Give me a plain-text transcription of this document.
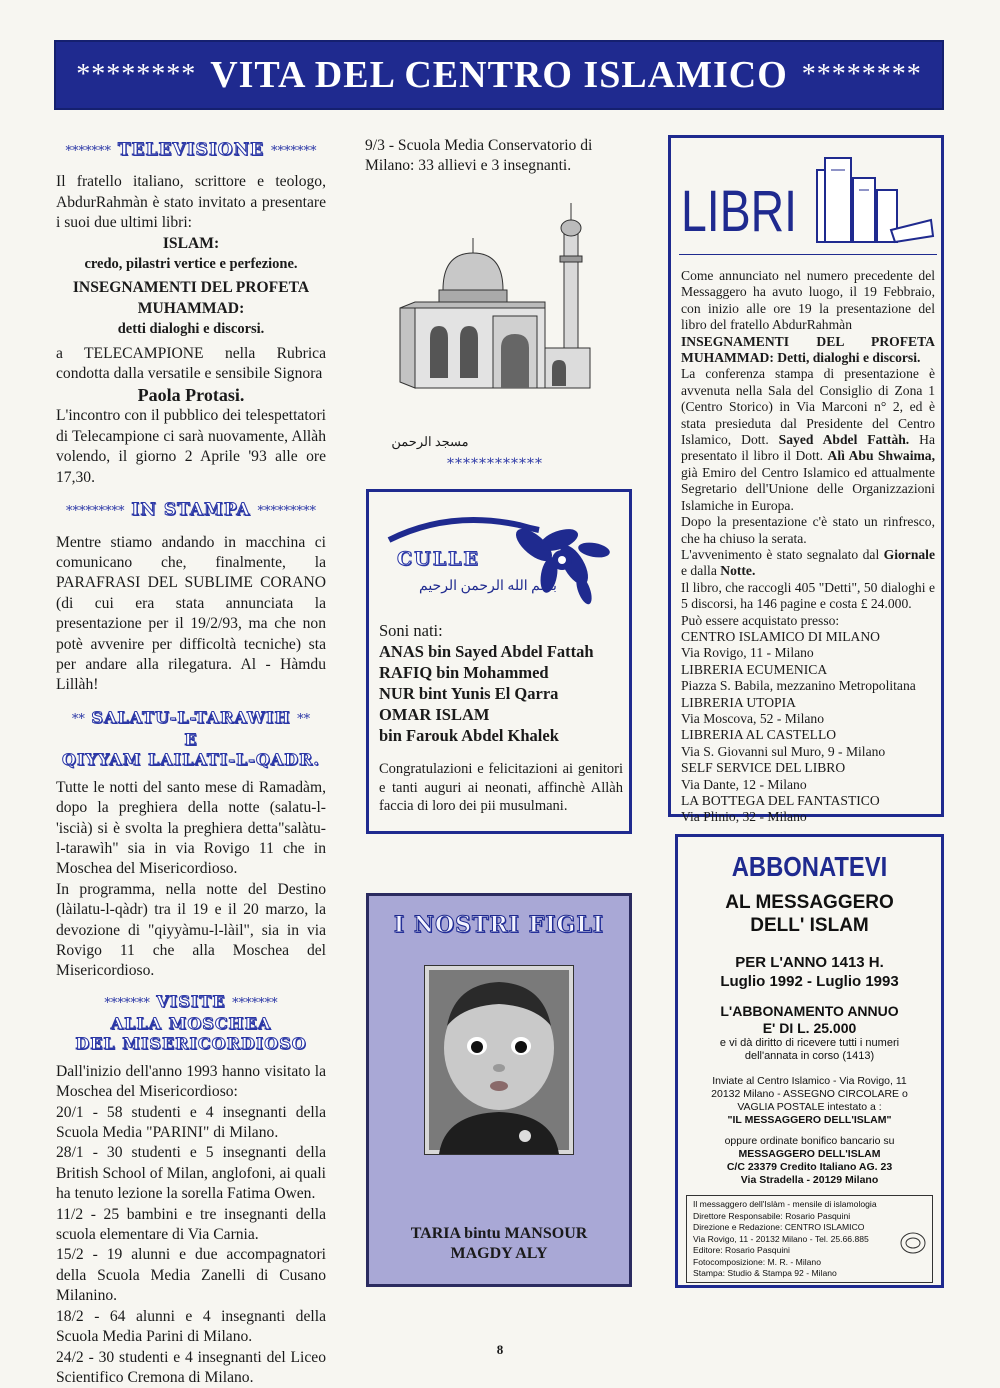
******** VITA DEL CENTRO ISLAMICO ********
******* TELEVISIONE *******

Il fratello italiano, scrittore e teologo, AbdurRahmàn è stato invitato a presentare i suoi due ultimi libri:

ISLAM:

credo, pilastri vertice e perfezione.

INSEGNAMENTI DEL PROFETA MUHAMMAD:

detti dialoghi e discorsi.

a TELECAMPIONE nella Rubrica condotta dalla versatile e sensibile Signora

Paola Protasi.

L'incontro con il pubblico dei telespettatori di Telecampione ci sarà nuovamente, Allàh volendo, il giorno 2 Aprile '93 alle ore 17,30.

********* IN STAMPA *********

Mentre stiamo andando in macchina ci comunicano che, finalmente, la PARAFRASI DEL SUBLIME CORANO (di cui era stata annunciata la presentazione per il 19/2/93, ma che non potè avvenire per difficoltà tecniche) sta per andare alla rilegatura. Al - Hàmdu Lillàh!

** SALATU-L-TARAWIH **
E
QIYYAM LAILATI-L-QADR.

Tutte le notti del santo mese di Ramadàm, dopo la preghiera della notte (salatu-l-'iscià) si è svolta la preghiera detta"salàtu-l-tarawìh" sia in via Rovigo 11 che in Moschea del Misericordioso.

In programma, nella notte del Destino (làilatu-l-qàdr) tra il 19 e il 20 marzo, la devozione di "qiyyàmu-l-làil", sia in via Rovigo 11 che alla Moschea del Misericordioso.

******* VISITE *******
ALLA MOSCHEA
DEL MISERICORDIOSO

Dall'inizio dell'anno 1993 hanno visitato la Moschea del Misericordioso:

20/1 - 58 studenti e 4 insegnanti della Scuola Media "PARINI" di Milano.

28/1 - 30 studenti e 5 insegnanti della British School of Milan, anglofoni, ai quali ha tenuto lezione la sorella Fatima Owen.

11/2 - 25 bambini e tre insegnanti della scuola elementare di Via Carnia.

15/2 - 19 alunni e due accompagnatori della Scuola Media Zanelli di Cusano Milanino.

18/2 - 64 alunni e 4 insegnanti della Scuola Media Parini di Milano.

24/2 - 30 studenti e 4 insegnanti del Liceo Scientifico Cremona di Milano.

9/3 - Scuola Media Conservatorio di Milano: 33 allievi e 3 insegnanti.

مسجد الرحمن
************
CULLE
بسم الله الرحمن الرحيم
Soni nati:
ANAS bin Sayed Abdel Fattah
RAFIQ bin Mohammed
NUR bint Yunis El Qarra
OMAR ISLAM
bin Farouk Abdel Khalek
Congratulazioni e felicitazioni ai genitori e tanti auguri ai neonati, affinchè Allàh faccia di loro dei pii musulmani.
I NOSTRI FIGLI
TARIA bintu MANSOUR
MAGDY ALY
LIBRI
Come annunciato nel numero precedente del Messaggero ha avuto luogo, il 19 Febbraio, con inizio alle ore 19 la presentazione del libro del fratello AbdurRahmàn
INSEGNAMENTI DEL PROFETA MUHAMMAD: Detti, dialoghi e discorsi.
La conferenza stampa di presentazione è avvenuta nella Sala del Consiglio di Zona 1 (Centro Storico) in Via Marconi n° 2, ed è stata presieduta dal Presidente del Centro Islamico, Dott. Sayed Abdel Fattàh. Ha presentato il libro il Dott. Alì Abu Shwaima, già Emiro del Centro Islamico ed attualmente Segretario dell'Unione delle Organizzazioni Islamiche in Europa.
Dopo la presentazione c'è stato un rinfresco, che ha chiuso la serata.
L'avvenimento è stato segnalato dal Giornale e dalla Notte.
Il libro, che raccogli 405 "Detti", 50 dialoghi e 5 discorsi, ha 146 pagine e costa £ 24.000.
Può essere acquistato presso:
CENTRO ISLAMICO DI MILANO
Via Rovigo, 11 - Milano
LIBRERIA ECUMENICA
Piazza S. Babila, mezzanino Metropolitana
LIBRERIA UTOPIA
Via Moscova, 52 - Milano
LIBRERIA AL CASTELLO
Via S. Giovanni sul Muro, 9 - Milano
SELF SERVICE DEL LIBRO
Via Dante, 12 - Milano
LA BOTTEGA DEL FANTASTICO
Via Plinio, 32 - Milano
ABBONATEVI
AL MESSAGGERO
DELL' ISLAM
PER L'ANNO 1413 H.
Luglio 1992 - Luglio 1993
L'ABBONAMENTO ANNUO
E' DI L. 25.000
e vi dà diritto di ricevere tutti i numeri
dell'annata in corso (1413)
Inviate al Centro Islamico - Via Rovigo, 11
20132 Milano - ASSEGNO CIRCOLARE o
VAGLIA POSTALE intestato a :
"IL MESSAGGERO DELL'ISLAM"
oppure ordinate bonifico bancario su
MESSAGGERO DELL'ISLAM
C/C 23379 Credito Italiano AG. 23
Via Stradella - 20129 Milano
Il messaggero dell'Islàm - mensile di islamologia
Direttore Responsabile: Rosario Pasquini
Direzione e Redazione: CENTRO ISLAMICO
Via Rovigo, 11 - 20132 Milano - Tel. 25.66.885
Editore: Rosario Pasquini
Fotocomposizione: M. R. - Milano
Stampa: Studio & Stampa 92 - Milano
8
